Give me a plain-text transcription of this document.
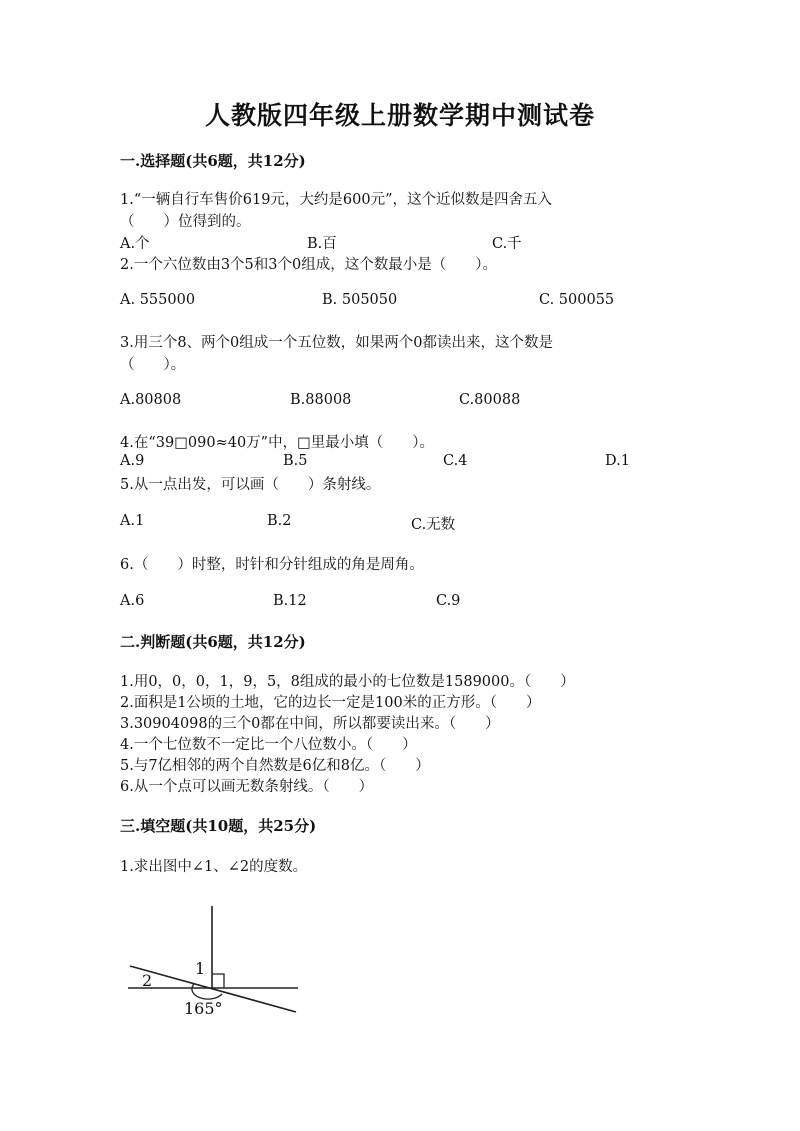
人教版四年级上册数学期中测试卷
一.选择题(共6题，共12分)
1.“一辆自行车售价619元，大约是600元”，这个近似数是四舍五入
（　　）位得到的。
A.个	B.百	C.千
2.一个六位数由3个5和3个0组成，这个数最小是（　　）。
A. 555000	B. 505050	C. 500055
3.用三个8、两个0组成一个五位数，如果两个0都读出来，这个数是
（　　）。
A.80808	B.88008	C.80088
4.在“39□090≈40万”中，□里最小填（　　）。
A.9	B.5	C.4	D.1
5.从一点出发，可以画（　　）条射线。
A.1	B.2	C.无数
6.（　　）时整，时针和分针组成的角是周角。
A.6	B.12	C.9
二.判断题(共6题，共12分)
1.用0，0，0，1，9，5，8组成的最小的七位数是1589000。（　　）
2.面积是1公顷的土地，它的边长一定是100米的正方形。（　　）
3.30904098的三个0都在中间，所以都要读出来。（　　）
4.一个七位数不一定比一个八位数小。（　　）
5.与7亿相邻的两个自然数是6亿和8亿。（　　）
6.从一个点可以画无数条射线。（　　）
三.填空题(共10题，共25分)
1.求出图中∠1、∠2的度数。
1
2
165°
